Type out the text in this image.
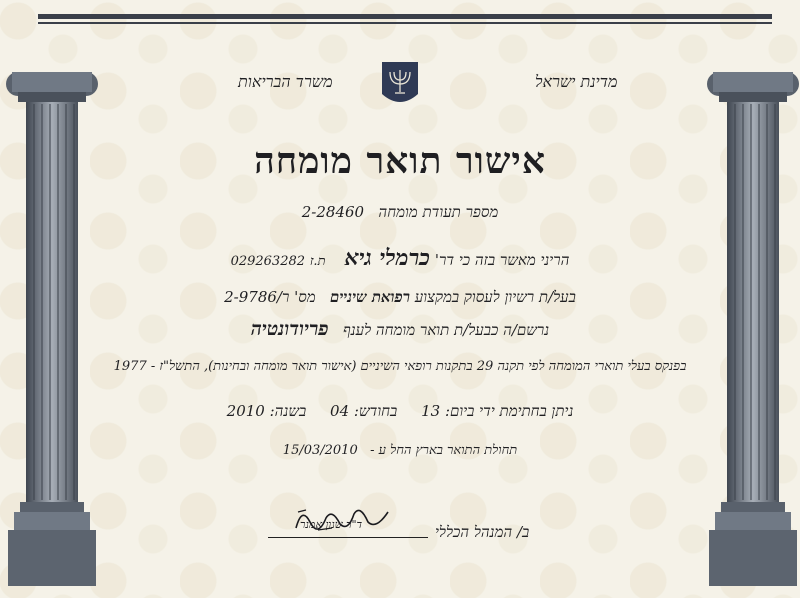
מדינת ישראל
משרד הבריאות
אישור תואר מומחה
מספר תעודת מומחה   2-28460
הריני מאשר בזה כי דר' כרמלי גיא    ת.ז 029263282
בעל/ת רשיון לעסוק במקצוע רפואת שיניים   מס' ר/2-9786
נרשם/ה כבעל/ת תואר מומחה לענף   פריודונטיה
בפנקס בעלי תוארי המומחה לפי תקנה 29 בתקנות רופאי השיניים (אישור תואר מומחה ובחינות), התשל"ז - 1977
ניתן בחתימת ידי ביום: 13     בחודש: 04     בשנה: 2010
תחולת התואר בארץ החל ע -   15/03/2010
ד"ר שנון אמנר	ב/ המנהל הכללי
